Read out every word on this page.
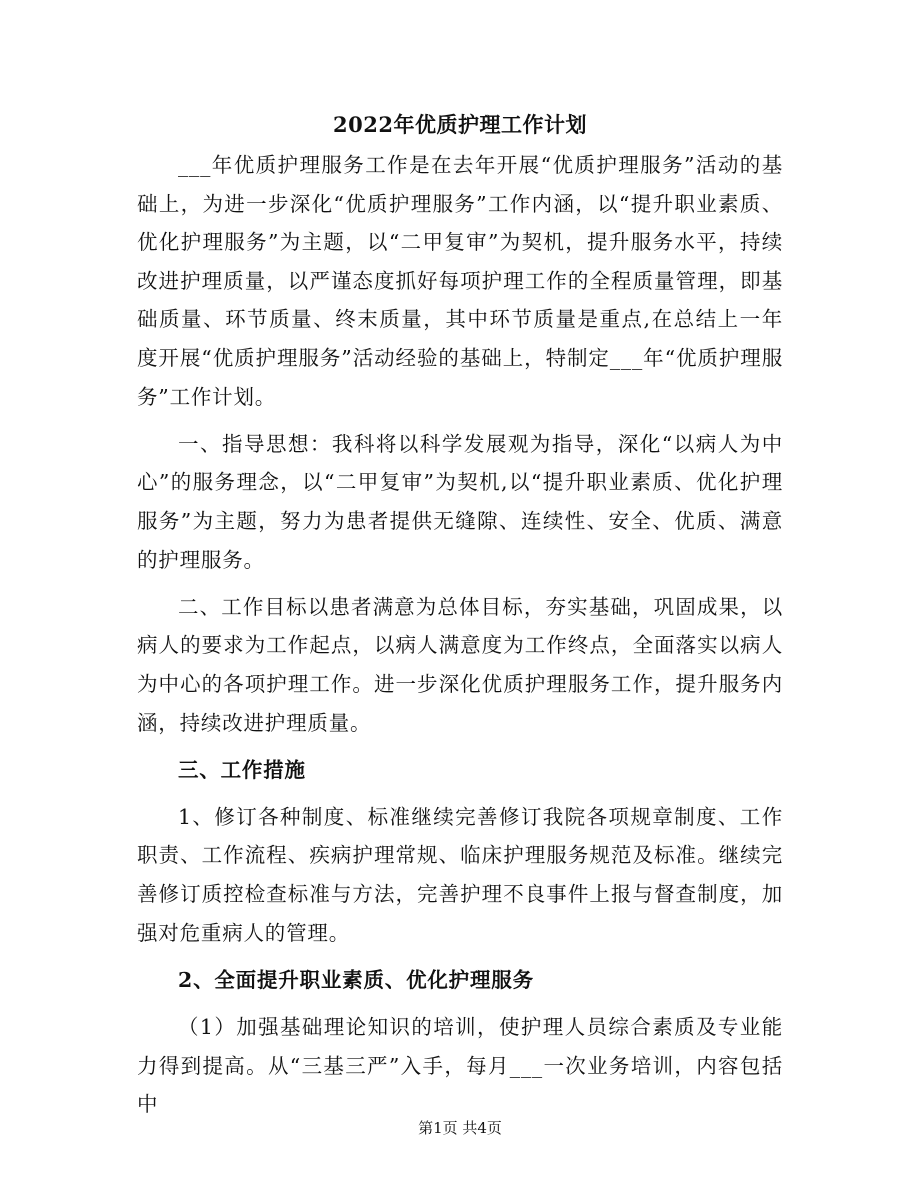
2022年优质护理工作计划

___年优质护理服务工作是在去年开展“优质护理服务”活动的基础上，为进一步深化“优质护理服务”工作内涵，以“提升职业素质、优化护理服务”为主题，以“二甲复审”为契机，提升服务水平，持续改进护理质量，以严谨态度抓好每项护理工作的全程质量管理，即基础质量、环节质量、终末质量，其中环节质量是重点,在总结上一年度开展“优质护理服务”活动经验的基础上，特制定___年“优质护理服务”工作计划。

一、指导思想：我科将以科学发展观为指导，深化“以病人为中心”的服务理念，以“二甲复审”为契机,以“提升职业素质、优化护理服务”为主题，努力为患者提供无缝隙、连续性、安全、优质、满意的护理服务。

二、工作目标以患者满意为总体目标，夯实基础，巩固成果，以病人的要求为工作起点，以病人满意度为工作终点，全面落实以病人为中心的各项护理工作。进一步深化优质护理服务工作，提升服务内涵，持续改进护理质量。

三、工作措施

1、修订各种制度、标准继续完善修订我院各项规章制度、工作职责、工作流程、疾病护理常规、临床护理服务规范及标准。继续完善修订质控检查标准与方法，完善护理不良事件上报与督查制度，加强对危重病人的管理。

2、全面提升职业素质、优化护理服务

（1）加强基础理论知识的培训，使护理人员综合素质及专业能力得到提高。从“三基三严”入手，每月___一次业务培训，内容包括中

第1页 共4页
